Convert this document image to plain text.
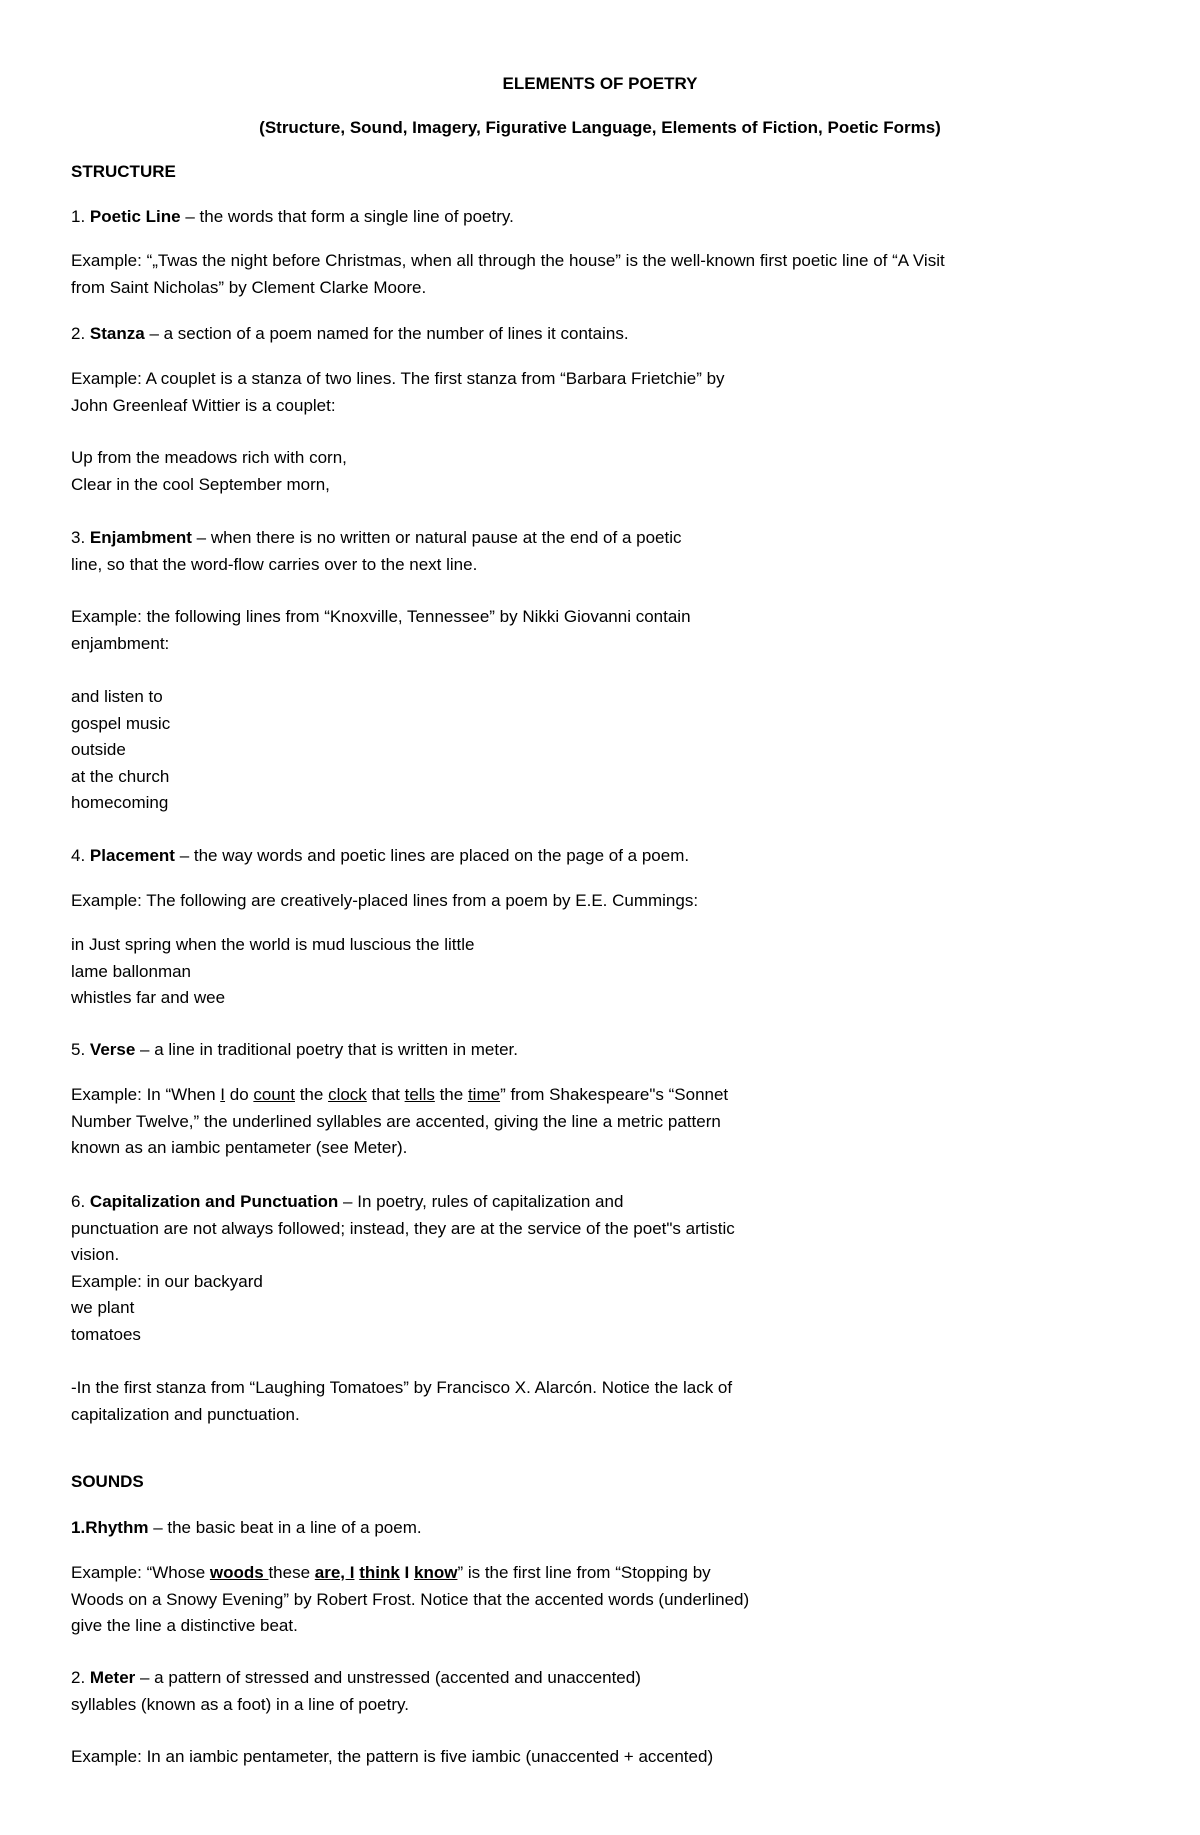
ELEMENTS OF POETRY
(Structure, Sound, Imagery, Figurative Language, Elements of Fiction, Poetic Forms)
STRUCTURE
1. Poetic Line – the words that form a single line of poetry.

Example: “„Twas the night before Christmas, when all through the house” is the well-known first poetic line of “A Visit

from Saint Nicholas” by Clement Clarke Moore.

2. Stanza – a section of a poem named for the number of lines it contains.

Example: A couplet is a stanza of two lines. The first stanza from “Barbara Frietchie” by

John Greenleaf Wittier is a couplet:

Up from the meadows rich with corn,

Clear in the cool September morn,

3. Enjambment – when there is no written or natural pause at the end of a poetic

line, so that the word-flow carries over to the next line.

Example: the following lines from “Knoxville, Tennessee” by Nikki Giovanni contain

enjambment:

and listen to

gospel music

outside

at the church

homecoming

4. Placement – the way words and poetic lines are placed on the page of a poem.

Example: The following are creatively-placed lines from a poem by E.E. Cummings:

in Just spring when the world is mud luscious the little

lame ballonman

whistles far and wee

5. Verse – a line in traditional poetry that is written in meter.

Example: In “When I do count the clock that tells the time” from Shakespeare"s “Sonnet

Number Twelve,” the underlined syllables are accented, giving the line a metric pattern

known as an iambic pentameter (see Meter).

6. Capitalization and Punctuation – In poetry, rules of capitalization and

punctuation are not always followed; instead, they are at the service of the poet"s artistic

vision.

Example: in our backyard

we plant

tomatoes

-In the first stanza from “Laughing Tomatoes” by Francisco X. Alarcón. Notice the lack of

capitalization and punctuation.

SOUNDS
1.Rhythm – the basic beat in a line of a poem.

Example: “Whose woods these are, I think I know” is the first line from “Stopping by

Woods on a Snowy Evening” by Robert Frost. Notice that the accented words (underlined)

give the line a distinctive beat.

2. Meter – a pattern of stressed and unstressed (accented and unaccented)

syllables (known as a foot) in a line of poetry.

Example: In an iambic pentameter, the pattern is five iambic (unaccented + accented)
